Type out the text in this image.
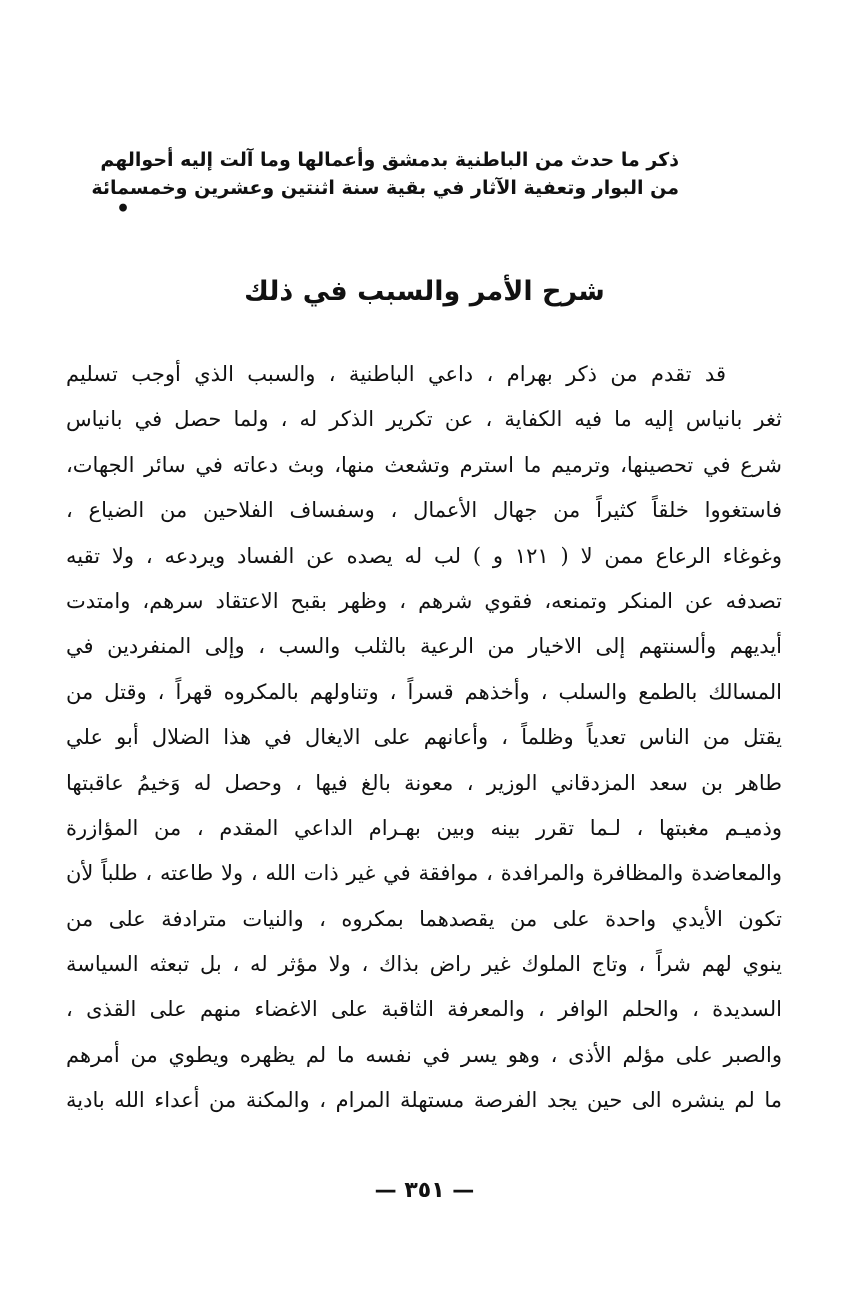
ذكر ما حدث من الباطنية بدمشق وأعمالها وما آلت إليه أحوالهم

من البوار وتعفية الآثار في بقية سنة اثنتين وعشرين وخمسمائة

•
شرح الأمر والسبب في ذلك
قد تقدم من ذكر بهرام ، داعي الباطنية ، والسبب الذي أوجب تسليم
ثغر بانياس إليه ما فيه الكفاية ، عن تكرير الذكر له ، ولما حصل في بانياس
شرع في تحصينها، وترميم ما استرم وتشعث منها، وبث دعاته في سائر الجهات،
فاستغووا خلقاً كثيراً من جهال الأعمال ، وسفساف الفلاحين من الضياع ،
وغوغاء الرعاع ممن لا ( ١٢١ و ) لب له يصده عن الفساد ويردعه ، ولا تقيه
تصدفه عن المنكر وتمنعه، فقوي شرهم ، وظهر بقبح الاعتقاد سرهم، وامتدت
أيديهم وألسنتهم إلى الاخيار من الرعية بالثلب والسب ، وإلى المنفردين في
المسالك بالطمع والسلب ، وأخذهم قسراً ، وتناولهم بالمكروه قهراً ، وقتل من
يقتل من الناس تعدياً وظلماً ، وأعانهم على الايغال في هذا الضلال أبو علي
طاهر بن سعد المزدقاني الوزير ، معونة بالغ فيها ، وحصل له وَخيمُ عاقبتها
وذميـم مغبتها ، لـما تقرر بينه وبين بهـرام الداعي المقدم ، من المؤازرة
والمعاضدة والمظافرة والمرافدة ، موافقة في غير ذات الله ، ولا طاعته ، طلباً لأن
تكون الأيدي واحدة على من يقصدهما بمكروه ، والنيات مترادفة على من
ينوي لهم شراً ، وتاج الملوك غير راض بذاك ، ولا مؤثر له ، بل تبعثه السياسة
السديدة ، والحلم الوافر ، والمعرفة الثاقبة على الاغضاء منهم على القذى ،
والصبر على مؤلم الأذى ، وهو يسر في نفسه ما لم يظهره ويطوي من أمرهم
ما لم ينشره الى حين يجد الفرصة مستهلة المرام ، والمكنة من أعداء الله بادية
— ٣٥١ —
